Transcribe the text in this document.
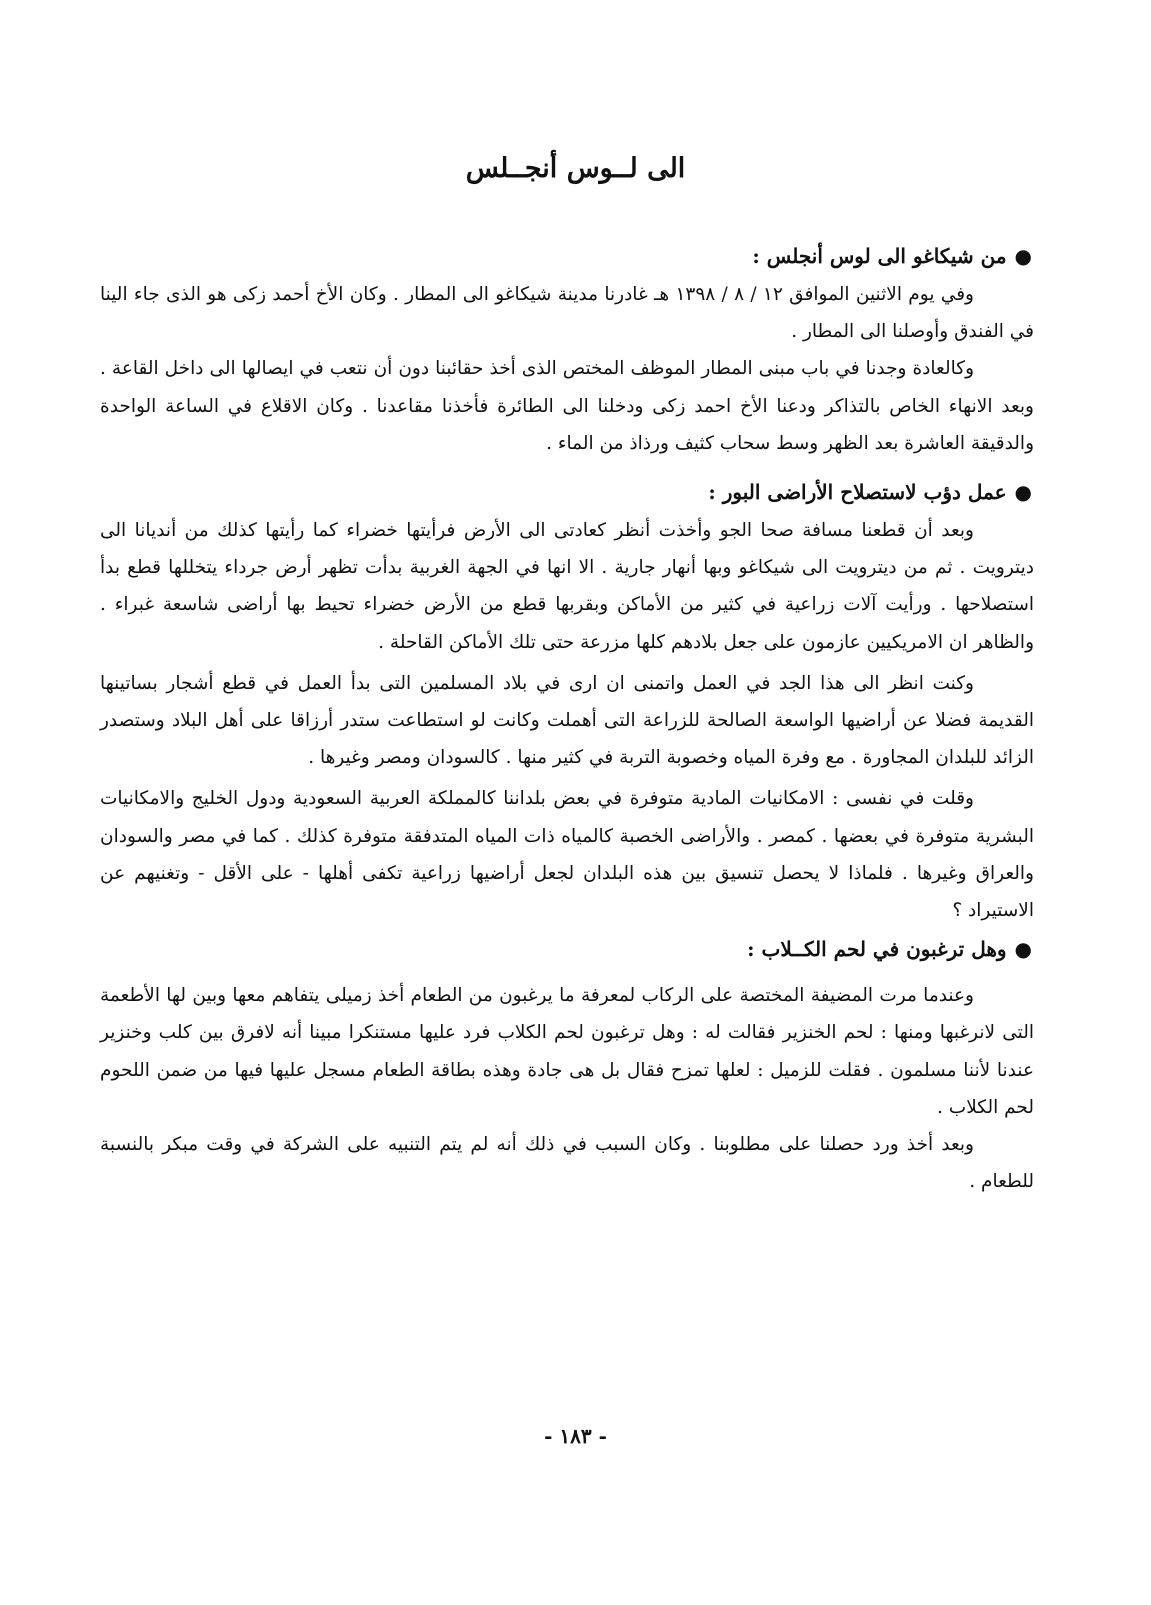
الى لــوس أنجــلس

●من شيكاغو الى لوس أنجلس :

وفي يوم الاثنين الموافق ١٢ / ٨ / ١٣٩٨ هـ غادرنا مدينة شيكاغو الى المطار . وكان الأخ أحمد زكى هو الذى جاء الينا في الفندق وأوصلنا الى المطار .

وكالعادة وجدنا في باب مبنى المطار الموظف المختص الذى أخذ حقائبنا دون أن نتعب في ايصالها الى داخل القاعة . وبعد الانهاء الخاص بالتذاكر ودعنا الأخ احمد زكى ودخلنا الى الطائرة فأخذنا مقاعدنا . وكان الاقلاع في الساعة الواحدة والدقيقة العاشرة بعد الظهر وسط سحاب كثيف ورذاذ من الماء .

●عمل دؤب لاستصلاح الأراضى البور :

وبعد أن قطعنا مسافة صحا الجو وأخذت أنظر كعادتى الى الأرض فرأيتها خضراء كما رأيتها كذلك من أنديانا الى ديترويت . ثم من ديترويت الى شيكاغو وبها أنهار جارية . الا انها في الجهة الغربية بدأت تظهر أرض جرداء يتخللها قطع بدأ استصلاحها . ورأيت آلات زراعية في كثير من الأماكن وبقربها قطع من الأرض خضراء تحيط بها أراضى شاسعة غبراء . والظاهر ان الامريكيين عازمون على جعل بلادهم كلها مزرعة حتى تلك الأماكن القاحلة .

وكنت انظر الى هذا الجد في العمل واتمنى ان ارى في بلاد المسلمين التى بدأ العمل في قطع أشجار بساتينها القديمة فضلا عن أراضيها الواسعة الصالحة للزراعة التى أهملت وكانت لو استطاعت ستدر أرزاقا على أهل البلاد وستصدر الزائد للبلدان المجاورة . مع وفرة المياه وخصوبة التربة في كثير منها . كالسودان ومصر وغيرها .

وقلت في نفسى : الامكانيات المادية متوفرة في بعض بلداننا كالمملكة العربية السعودية ودول الخليج والامكانيات البشرية متوفرة في بعضها . كمصر . والأراضى الخصبة كالمياه ذات المياه المتدفقة متوفرة كذلك . كما في مصر والسودان والعراق وغيرها . فلماذا لا يحصل تنسيق بين هذه البلدان لجعل أراضيها زراعية تكفى أهلها - على الأقل - وتغنيهم عن الاستيراد ؟

●وهل ترغبون في لحم الكــلاب :

وعندما مرت المضيفة المختصة على الركاب لمعرفة ما يرغبون من الطعام أخذ زميلى يتفاهم معها وبين لها الأطعمة التى لانرغبها ومنها : لحم الخنزير فقالت له : وهل ترغبون لحم الكلاب فرد عليها مستنكرا مبينا أنه لافرق بين كلب وخنزير عندنا لأننا مسلمون . فقلت للزميل : لعلها تمزح فقال بل هى جادة وهذه بطاقة الطعام مسجل عليها فيها من ضمن اللحوم لحم الكلاب .

وبعد أخذ ورد حصلنا على مطلوبنا . وكان السبب في ذلك أنه لم يتم التنبيه على الشركة في وقت مبكر بالنسبة للطعام .

- ١٨٣ -
